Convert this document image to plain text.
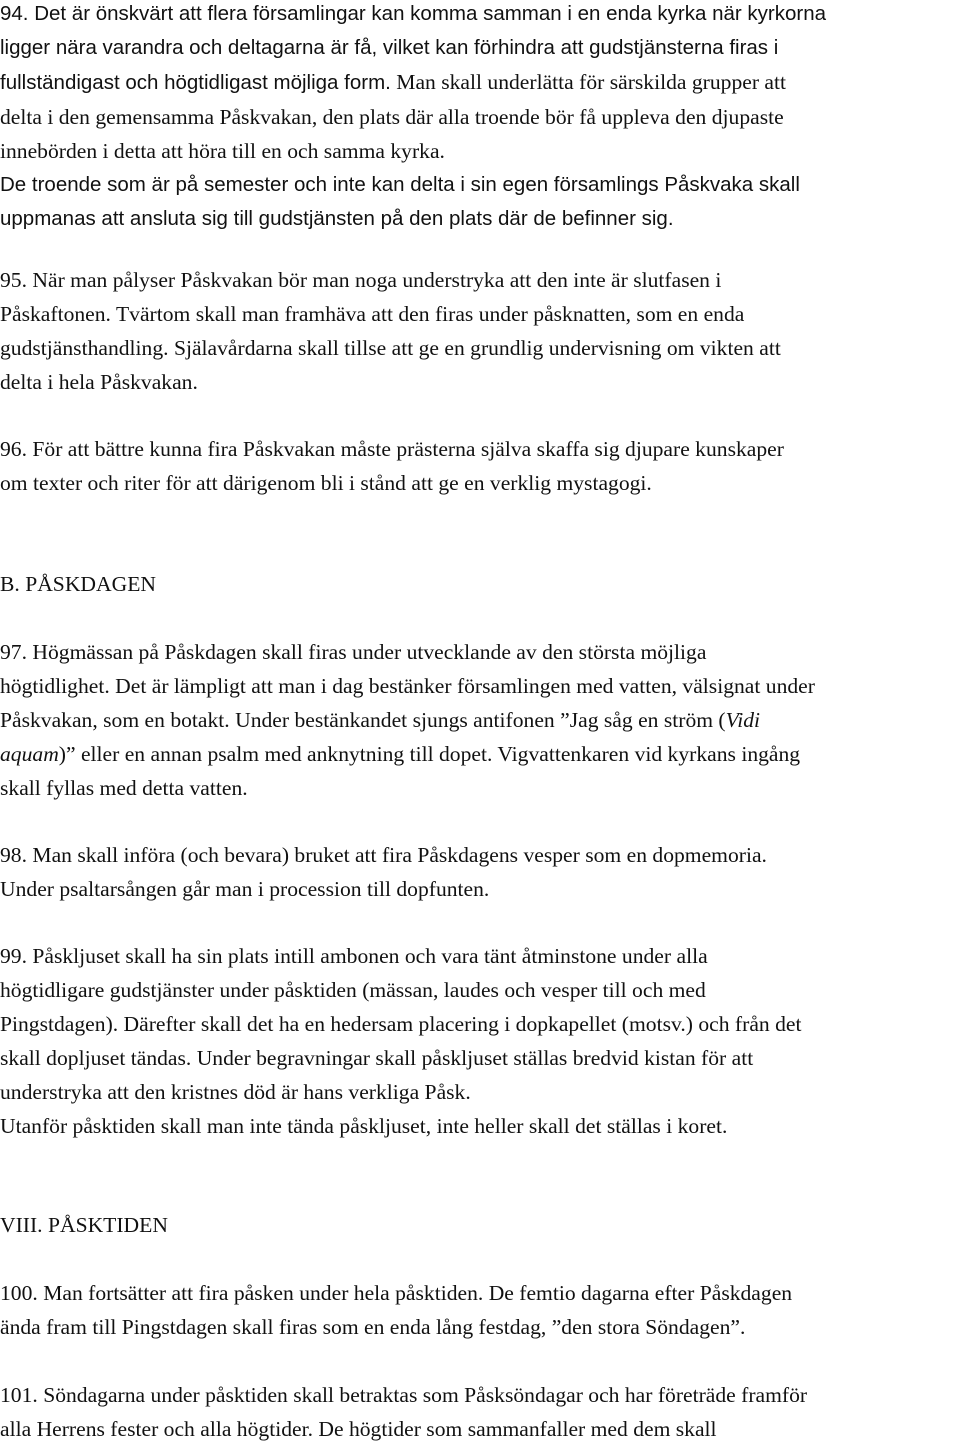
94. Det är önskvärt att flera församlingar kan komma samman i en enda kyrka när kyrkorna
ligger nära varandra och deltagarna är få, vilket kan förhindra att gudstjänsterna firas i
fullständigast och högtidligast möjliga form. Man skall underlätta för särskilda grupper att
delta i den gemensamma Påskvakan, den plats där alla troende bör få uppleva den djupaste
innebörden i detta att höra till en och samma kyrka.
De troende som är på semester och inte kan delta i sin egen församlings Påskvaka skall
uppmanas att ansluta sig till gudstjänsten på den plats där de befinner sig.
95. När man pålyser Påskvakan bör man noga understryka att den inte är slutfasen i
Påskaftonen. Tvärtom skall man framhäva att den firas under påsknatten, som en enda
gudstjänsthandling. Själavårdarna skall tillse att ge en grundlig undervisning om vikten att
delta i hela Påskvakan.
96. För att bättre kunna fira Påskvakan måste prästerna själva skaffa sig djupare kunskaper
om texter och riter för att därigenom bli i stånd att ge en verklig mystagogi.
B. PÅSKDAGEN
97. Högmässan på Påskdagen skall firas under utvecklande av den största möjliga
högtidlighet. Det är lämpligt att man i dag bestänker församlingen med vatten, välsignat under
Påskvakan, som en botakt. Under bestänkandet sjungs antifonen ”Jag såg en ström (Vidi
aquam)” eller en annan psalm med anknytning till dopet. Vigvattenkaren vid kyrkans ingång
skall fyllas med detta vatten.
98. Man skall införa (och bevara) bruket att fira Påskdagens vesper som en dopmemoria.
Under psaltarsången går man i procession till dopfunten.
99. Påskljuset skall ha sin plats intill ambonen och vara tänt åtminstone under alla
högtidligare gudstjänster under påsktiden (mässan, laudes och vesper till och med
Pingstdagen). Därefter skall det ha en hedersam placering i dopkapellet (motsv.) och från det
skall dopljuset tändas. Under begravningar skall påskljuset ställas bredvid kistan för att
understryka att den kristnes död är hans verkliga Påsk.
Utanför påsktiden skall man inte tända påskljuset, inte heller skall det ställas i koret.
VIII. PÅSKTIDEN
100. Man fortsätter att fira påsken under hela påsktiden. De femtio dagarna efter Påskdagen
ända fram till Pingstdagen skall firas som en enda lång festdag, ”den stora Söndagen”.
101. Söndagarna under påsktiden skall betraktas som Påsksöndagar och har företräde framför
alla Herrens fester och alla högtider. De högtider som sammanfaller med dem skall
